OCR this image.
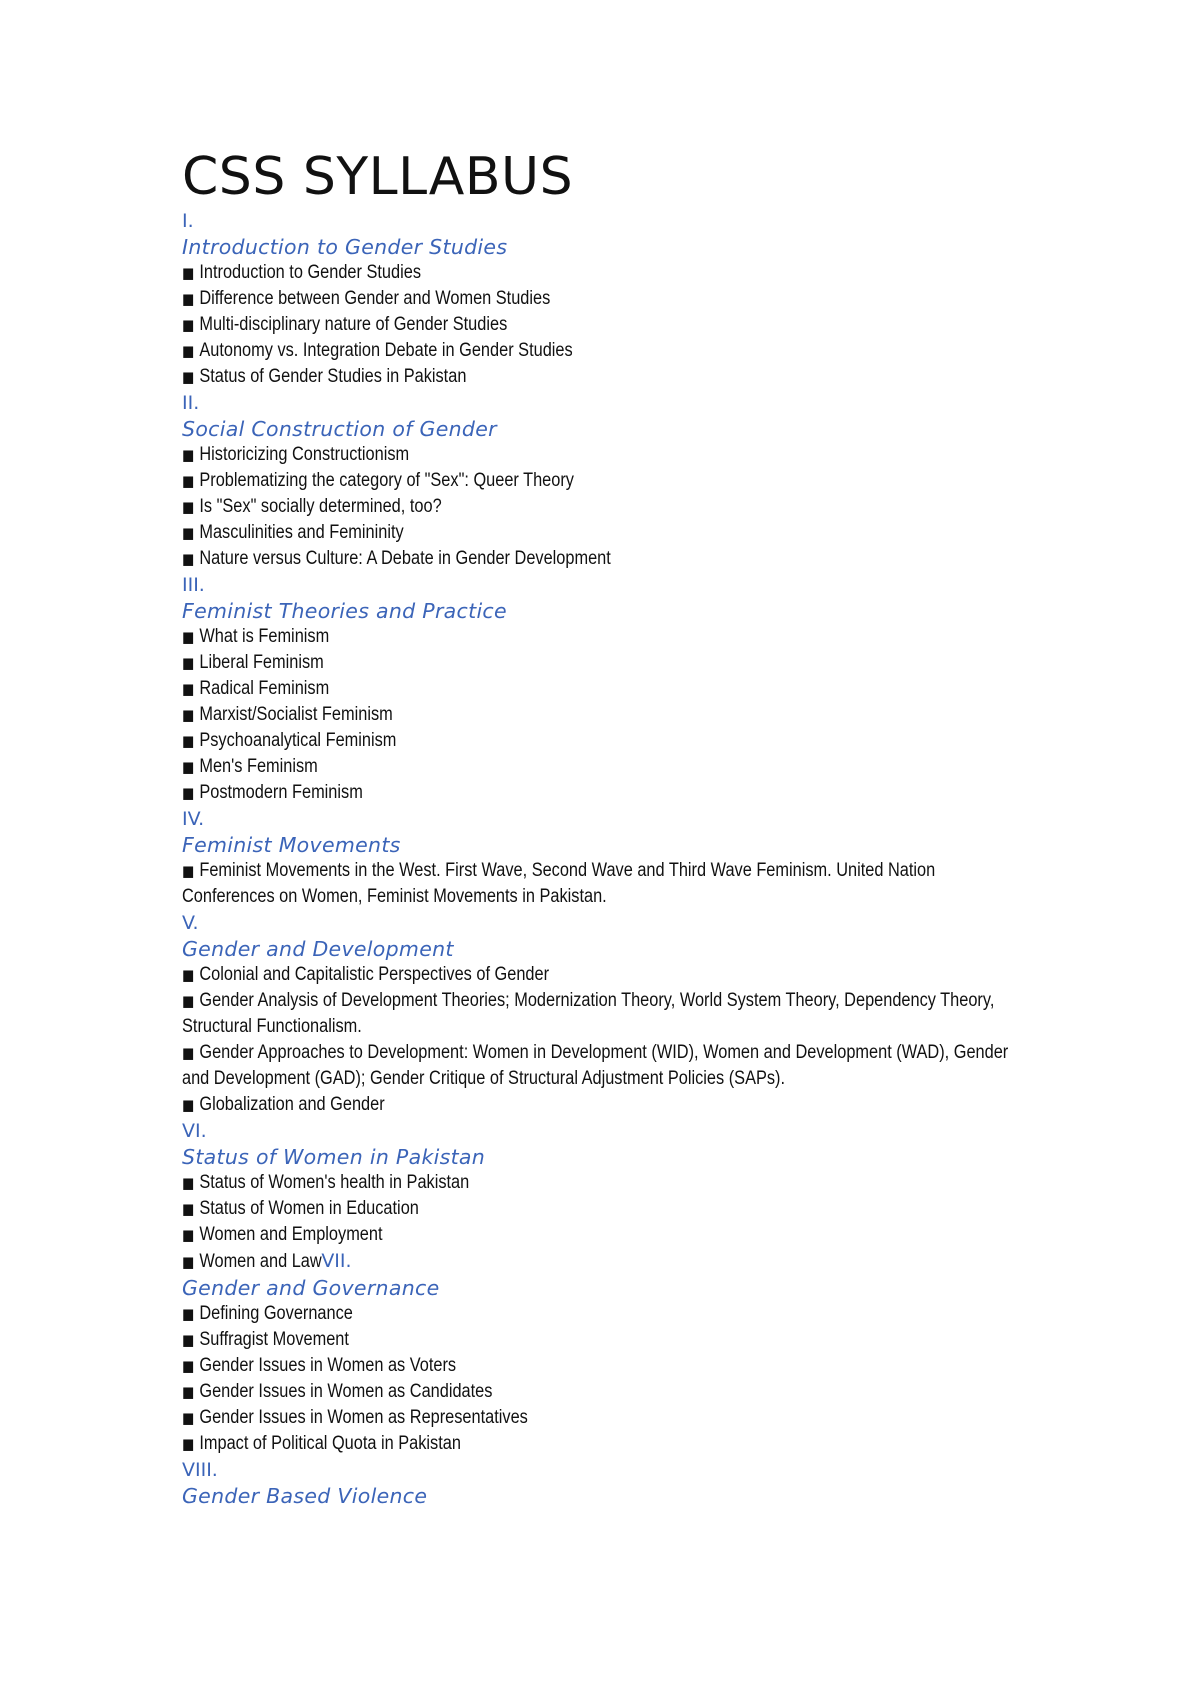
CSS SYLLABUS
I.
Introduction to Gender Studies

■ Introduction to Gender Studies

■ Difference between Gender and Women Studies

■ Multi-disciplinary nature of Gender Studies

■ Autonomy vs. Integration Debate in Gender Studies

■ Status of Gender Studies in Pakistan

II.
Social Construction of Gender

■ Historicizing Constructionism

■ Problematizing the category of "Sex": Queer Theory

■ Is "Sex" socially determined, too?

■ Masculinities and Femininity

■ Nature versus Culture: A Debate in Gender Development

III.
Feminist Theories and Practice

■ What is Feminism

■ Liberal Feminism

■ Radical Feminism

■ Marxist/Socialist Feminism

■ Psychoanalytical Feminism

■ Men's Feminism

■ Postmodern Feminism

IV.
Feminist Movements

■ Feminist Movements in the West. First Wave, Second Wave and Third Wave Feminism. United Nation Conferences on Women, Feminist Movements in Pakistan.

V.
Gender and Development

■ Colonial and Capitalistic Perspectives of Gender

■ Gender Analysis of Development Theories; Modernization Theory, World System Theory, Dependency Theory, Structural Functionalism.

■ Gender Approaches to Development: Women in Development (WID), Women and Development (WAD), Gender and Development (GAD); Gender Critique of Structural Adjustment Policies (SAPs).

■ Globalization and Gender

VI.
Status of Women in Pakistan

■ Status of Women's health in Pakistan

■ Status of Women in Education

■ Women and Employment

■ Women and LawVII.

Gender and Governance

■ Defining Governance

■ Suffragist Movement

■ Gender Issues in Women as Voters

■ Gender Issues in Women as Candidates

■ Gender Issues in Women as Representatives

■ Impact of Political Quota in Pakistan

VIII.
Gender Based Violence
